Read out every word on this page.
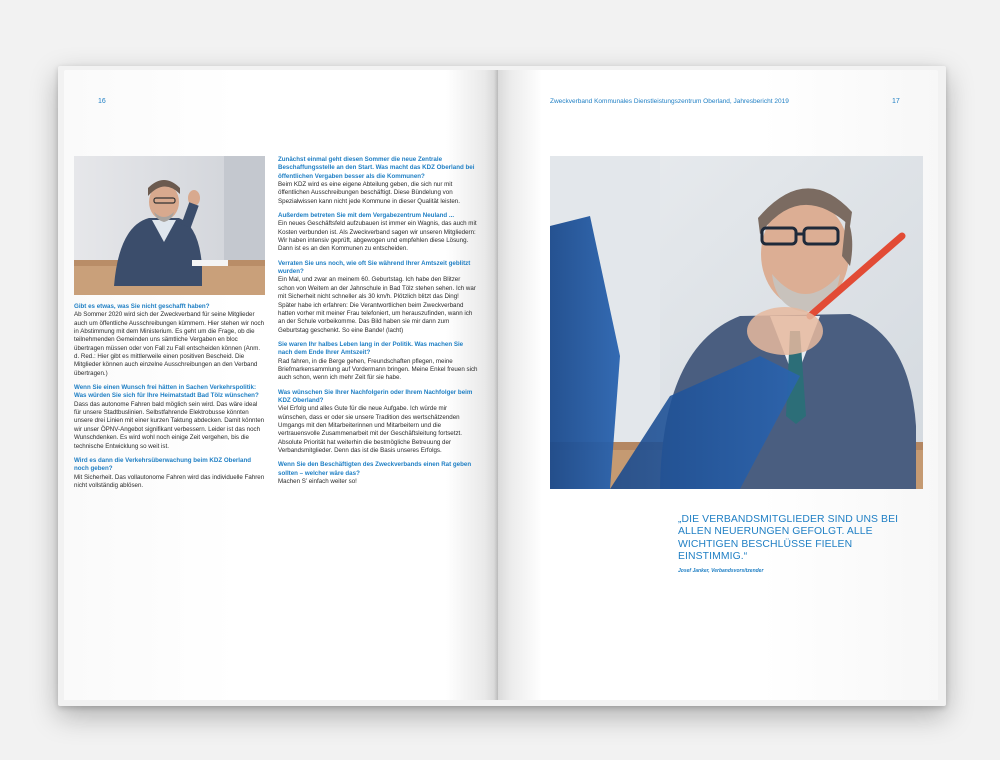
16
Gibt es etwas, was Sie nicht geschafft haben?
Ab Sommer 2020 wird sich der Zweckverband für seine Mitglieder auch um öffentliche Ausschreibungen kümmern. Hier stehen wir noch in Abstimmung mit dem Ministerium. Es geht um die Frage, ob die teilnehmenden Gemeinden uns sämtliche Vergaben en bloc übertragen müssen oder von Fall zu Fall entscheiden können (Anm. d. Red.: Hier gibt es mittlerweile einen positiven Bescheid. Die Mitglieder können auch einzelne Ausschreibungen an den Verband übertragen.)
Wenn Sie einen Wunsch frei hätten in Sachen Verkehrspolitik: Was würden Sie sich für Ihre Heimatstadt Bad Tölz wünschen?
Dass das autonome Fahren bald möglich sein wird. Das wäre ideal für unsere Stadtbuslinien. Selbstfahrende Elektrobusse könnten unsere drei Linien mit einer kurzen Taktung abdecken. Damit könnten wir unser ÖPNV-Angebot signifikant verbessern. Leider ist das noch Wunschdenken. Es wird wohl noch einige Zeit vergehen, bis die technische Entwicklung so weit ist.
Wird es dann die Verkehrsüberwachung beim KDZ Oberland noch geben?
Mit Sicherheit. Das vollautonome Fahren wird das individuelle Fahren nicht vollständig ablösen.
Zunächst einmal geht diesen Sommer die neue Zentrale Beschaffungsstelle an den Start. Was macht das KDZ Oberland bei öffentlichen Vergaben besser als die Kommunen?
Beim KDZ wird es eine eigene Abteilung geben, die sich nur mit öffentlichen Ausschreibungen beschäftigt. Diese Bündelung von Spezialwissen kann nicht jede Kommune in dieser Qualität leisten.
Außerdem betreten Sie mit dem Vergabezentrum Neuland ...
Ein neues Geschäftsfeld aufzubauen ist immer ein Wagnis, das auch mit Kosten verbunden ist. Als Zweckverband sagen wir unseren Mitgliedern: Wir haben intensiv geprüft, abgewogen und empfehlen diese Lösung. Dann ist es an den Kommunen zu entscheiden.
Verraten Sie uns noch, wie oft Sie während Ihrer Amtszeit geblitzt wurden?
Ein Mal, und zwar an meinem 60. Geburtstag. Ich habe den Blitzer schon von Weitem an der Jahnschule in Bad Tölz stehen sehen. Ich war mit Sicherheit nicht schneller als 30 km/h. Plötzlich blitzt das Ding! Später habe ich erfahren: Die Verantwortlichen beim Zweckverband hatten vorher mit meiner Frau telefoniert, um herauszufinden, wann ich an der Schule vorbeikomme. Das Bild haben sie mir dann zum Geburtstag geschenkt. So eine Bande! (lacht)
Sie waren Ihr halbes Leben lang in der Politik. Was machen Sie nach dem Ende Ihrer Amtszeit?
Rad fahren, in die Berge gehen, Freundschaften pflegen, meine Briefmarkensammlung auf Vordermann bringen. Meine Enkel freuen sich auch schon, wenn ich mehr Zeit für sie habe.
Was wünschen Sie Ihrer Nachfolgerin oder Ihrem Nachfolger beim KDZ Oberland?
Viel Erfolg und alles Gute für die neue Aufgabe. Ich würde mir wünschen, dass er oder sie unsere Tradition des wertschätzenden Umgangs mit den Mitarbeiterinnen und Mitarbeitern und die vertrauensvolle Zusammenarbeit mit der Geschäftsleitung fortsetzt. Absolute Priorität hat weiterhin die bestmögliche Betreuung der Verbandsmitglieder. Denn das ist die Basis unseres Erfolgs.
Wenn Sie den Beschäftigten des Zweckverbands einen Rat geben sollten – welcher wäre das?
Machen S’ einfach weiter so!
Zweckverband Kommunales Dienstleistungszentrum Oberland, Jahresbericht 2019	17
„DIE VERBANDSMITGLIEDER SIND UNS BEI ALLEN NEUERUNGEN GEFOLGT. ALLE WICHTIGEN BESCHLÜSSE FIELEN EINSTIMMIG.“
Josef Janker, Verbandsvorsitzender
